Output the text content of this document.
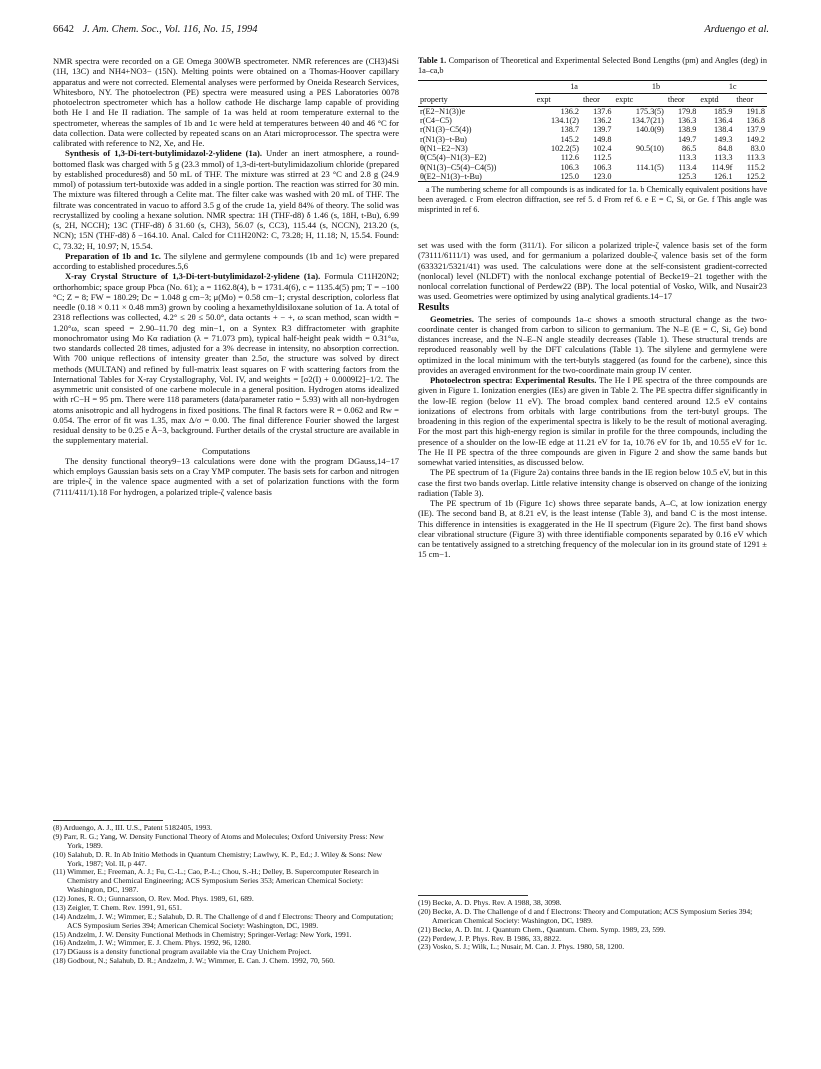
6642 J. Am. Chem. Soc., Vol. 116, No. 15, 1994	Arduengo et al.

NMR spectra were recorded on a GE Omega 300WB spectrometer. NMR references are (CH3)4Si (1H, 13C) and NH4+NO3− (15N). Melting points were obtained on a Thomas-Hoover capillary apparatus and were not corrected. Elemental analyses were performed by Oneida Research Services, Whitesboro, NY. The photoelectron (PE) spectra were measured using a PES Laboratories 0078 photoelectron spectrometer which has a hollow cathode He discharge lamp capable of providing both He I and He II radiation. The sample of 1a was held at room temperature external to the spectrometer, whereas the samples of 1b and 1c were held at temperatures between 40 and 46 °C for data collection. Data were collected by repeated scans on an Atari microprocessor. The spectra were calibrated with reference to N2, Xe, and He.

Synthesis of 1,3-Di-tert-butylimidazol-2-ylidene (1a). Under an inert atmosphere, a round-bottomed flask was charged with 5 g (23.3 mmol) of 1,3-di-tert-butylimidazolium chloride (prepared by established procedures8) and 50 mL of THF. The mixture was stirred at 23 °C and 2.8 g (24.9 mmol) of potassium tert-butoxide was added in a single portion. The reaction was stirred for 30 min. The mixture was filtered through a Celite mat. The filter cake was washed with 20 mL of THF. The filtrate was concentrated in vacuo to afford 3.5 g of the crude 1a, yield 84% of theory. The solid was recrystallized by cooling a hexane solution. NMR spectra: 1H (THF-d8) δ 1.46 (s, 18H, t-Bu), 6.99 (s, 2H, NCCH); 13C (THF-d8) δ 31.60 (s, CH3), 56.07 (s, CC3), 115.44 (s, NCCN), 213.20 (s, NCN); 15N (THF-d8) δ −164.10. Anal. Calcd for C11H20N2: C, 73.28; H, 11.18; N, 15.54. Found: C, 73.32; H, 10.97; N, 15.54.

Preparation of 1b and 1c. The silylene and germylene compounds (1b and 1c) were prepared according to established procedures.5,6

X-ray Crystal Structure of 1,3-Di-tert-butylimidazol-2-ylidene (1a). Formula C11H20N2; orthorhombic; space group Pbca (No. 61); a = 1162.8(4), b = 1731.4(6), c = 1135.4(5) pm; T = −100 °C; Z = 8; FW = 180.29; Dc = 1.048 g cm−3; μ(Mo) = 0.58 cm−1; crystal description, colorless flat needle (0.18 × 0.11 × 0.48 mm3) grown by cooling a hexamethyldisiloxane solution of 1a. A total of 2318 reflections was collected, 4.2° ≤ 2θ ≤ 50.0°, data octants + − +, ω scan method, scan width = 1.20°ω, scan speed = 2.90–11.70 deg min−1, on a Syntex R3 diffractometer with graphite monochromator using Mo Kα radiation (λ = 71.073 pm), typical half-height peak width = 0.31°ω, two standards collected 28 times, adjusted for a 3% decrease in intensity, no absorption correction. With 700 unique reflections of intensity greater than 2.5σ, the structure was solved by direct methods (MULTAN) and refined by full-matrix least squares on F with scattering factors from the International Tables for X-ray Crystallography, Vol. IV, and weights = [σ2(I) + 0.0009I2]−1/2. The asymmetric unit consisted of one carbene molecule in a general position. Hydrogen atoms idealized with rC−H = 95 pm. There were 118 parameters (data/parameter ratio = 5.93) with all non-hydrogen atoms anisotropic and all hydrogens in fixed positions. The final R factors were R = 0.062 and Rw = 0.054. The error of fit was 1.35, max Δ/σ = 0.00. The final difference Fourier showed the largest residual density to be 0.25 e Å−3, background. Further details of the crystal structure are available in the supplementary material.

Computations

The density functional theory9−13 calculations were done with the program DGauss,14−17 which employs Gaussian basis sets on a Cray YMP computer. The basis sets for carbon and nitrogen are triple-ζ in the valence space augmented with a set of polarization functions with the form (7111/411/1).18 For hydrogen, a polarized triple-ζ valence basis

(8) Arduengo, A. J., III. U.S., Patent 5182405, 1993.

(9) Parr, R. G.; Yang, W. Density Functional Theory of Atoms and Molecules; Oxford University Press: New York, 1989.

(10) Salahub, D. R. In Ab Initio Methods in Quantum Chemistry; Lawlwy, K. P., Ed.; J. Wiley & Sons: New York, 1987; Vol. II, p 447.

(11) Wimmer, E.; Freeman, A. J.; Fu, C.-L.; Cao, P.-L.; Chou, S.-H.; Delley, B. Supercomputer Research in Chemistry and Chemical Engineering; ACS Symposium Series 353; American Chemical Society: Washington, DC, 1987.

(12) Jones, R. O.; Gunnarsson, O. Rev. Mod. Phys. 1989, 61, 689.

(13) Zeigler, T. Chem. Rev. 1991, 91, 651.

(14) Andzelm, J. W.; Wimmer, E.; Salahub, D. R. The Challenge of d and f Electrons: Theory and Computation; ACS Symposium Series 394; American Chemical Society: Washington, DC, 1989.

(15) Andzelm, J. W. Density Functional Methods in Chemistry; Springer-Verlag: New York, 1991.

(16) Andzelm, J. W.; Wimmer, E. J. Chem. Phys. 1992, 96, 1280.

(17) DGauss is a density functional program available via the Cray Unichem Project.

(18) Godbout, N.; Salahub, D. R.; Andzelm, J. W.; Wimmer, E. Can. J. Chem. 1992, 70, 560.

Table 1. Comparison of Theoretical and Experimental Selected Bond Lengths (pm) and Angles (deg) in 1a–ca,b
	1a		1b		1c	
property	expt	theor	exptc	theor	exptd	theor
r(E2−N1(3))e	136.2	137.6	175.3(5)	179.8	185.9	191.8
r(C4−C5)	134.1(2)	136.2	134.7(21)	136.3	136.4	136.8
r(N1(3)−C5(4))	138.7	139.7	140.0(9)	138.9	138.4	137.9
r(N1(3)−t-Bu)	145.2	149.8		149.7	149.3	149.2
θ(N1−E2−N3)	102.2(5)	102.4	90.5(10)	86.5	84.8	83.0
θ(C5(4)−N1(3)−E2)	112.6	112.5		113.3	113.3	113.3
θ(N1(3)−C5(4)−C4(5))	106.3	106.3	114.1(5)	113.4	114.9f	115.2
θ(E2−N1(3)−t-Bu)	125.0	123.0		125.3	126.1	125.2

a The numbering scheme for all compounds is as indicated for 1a. b Chemically equivalent positions have been averaged. c From electron diffraction, see ref 5. d From ref 6. e E = C, Si, or Ge. f This angle was misprinted in ref 6.

set was used with the form (311/1). For silicon a polarized triple-ζ valence basis set of the form (73111/6111/1) was used, and for germanium a polarized double-ζ valence basis set of the form (633321/5321/41) was used. The calculations were done at the self-consistent gradient-corrected (nonlocal) level (NLDFT) with the nonlocal exchange potential of Becke19−21 together with the nonlocal correlation functional of Perdew22 (BP). The local potential of Vosko, Wilk, and Nusair23 was used. Geometries were optimized by using analytical gradients.14−17

Results

Geometries. The series of compounds 1a–c shows a smooth structural change as the two-coordinate center is changed from carbon to silicon to germanium. The N–E (E = C, Si, Ge) bond distances increase, and the N–E–N angle steadily decreases (Table 1). These structural trends are reproduced reasonably well by the DFT calculations (Table 1). The silylene and germylene were optimized in the local minimum with the tert-butyls staggered (as found for the carbene), since this provides an averaged environment for the two-coordinate main group IV center.

Photoelectron spectra: Experimental Results. The He I PE spectra of the three compounds are given in Figure 1. Ionization energies (IEs) are given in Table 2. The PE spectra differ significantly in the low-IE region (below 11 eV). The broad complex band centered around 12.5 eV contains ionizations of electrons from orbitals with large contributions from the tert-butyl groups. The broadening in this region of the experimental spectra is likely to be the result of motional averaging. For the most part this high-energy region is similar in profile for the three compounds, including the presence of a shoulder on the low-IE edge at 11.21 eV for 1a, 10.76 eV for 1b, and 10.55 eV for 1c. The He II PE spectra of the three compounds are given in Figure 2 and show the same bands but somewhat varied intensities, as discussed below.

The PE spectrum of 1a (Figure 2a) contains three bands in the IE region below 10.5 eV, but in this case the first two bands overlap. Little relative intensity change is observed on change of the ionizing radiation (Table 3).

The PE spectrum of 1b (Figure 1c) shows three separate bands, A–C, at low ionization energy (IE). The second band B, at 8.21 eV, is the least intense (Table 3), and band C is the most intense. This difference in intensities is exaggerated in the He II spectrum (Figure 2c). The first band shows clear vibrational structure (Figure 3) with three identifiable components separated by 0.16 eV which can be tentatively assigned to a stretching frequency of the molecular ion in its ground state of 1291 ± 15 cm−1.

(19) Becke, A. D. Phys. Rev. A 1988, 38, 3098.

(20) Becke, A. D. The Challenge of d and f Electrons: Theory and Computation; ACS Symposium Series 394; American Chemical Society: Washington, DC, 1989.

(21) Becke, A. D. Int. J. Quantum Chem., Quantum. Chem. Symp. 1989, 23, 599.

(22) Perdew, J. P. Phys. Rev. B 1986, 33, 8822.

(23) Vosko, S. J.; Wilk, L.; Nusair, M. Can. J. Phys. 1980, 58, 1200.
